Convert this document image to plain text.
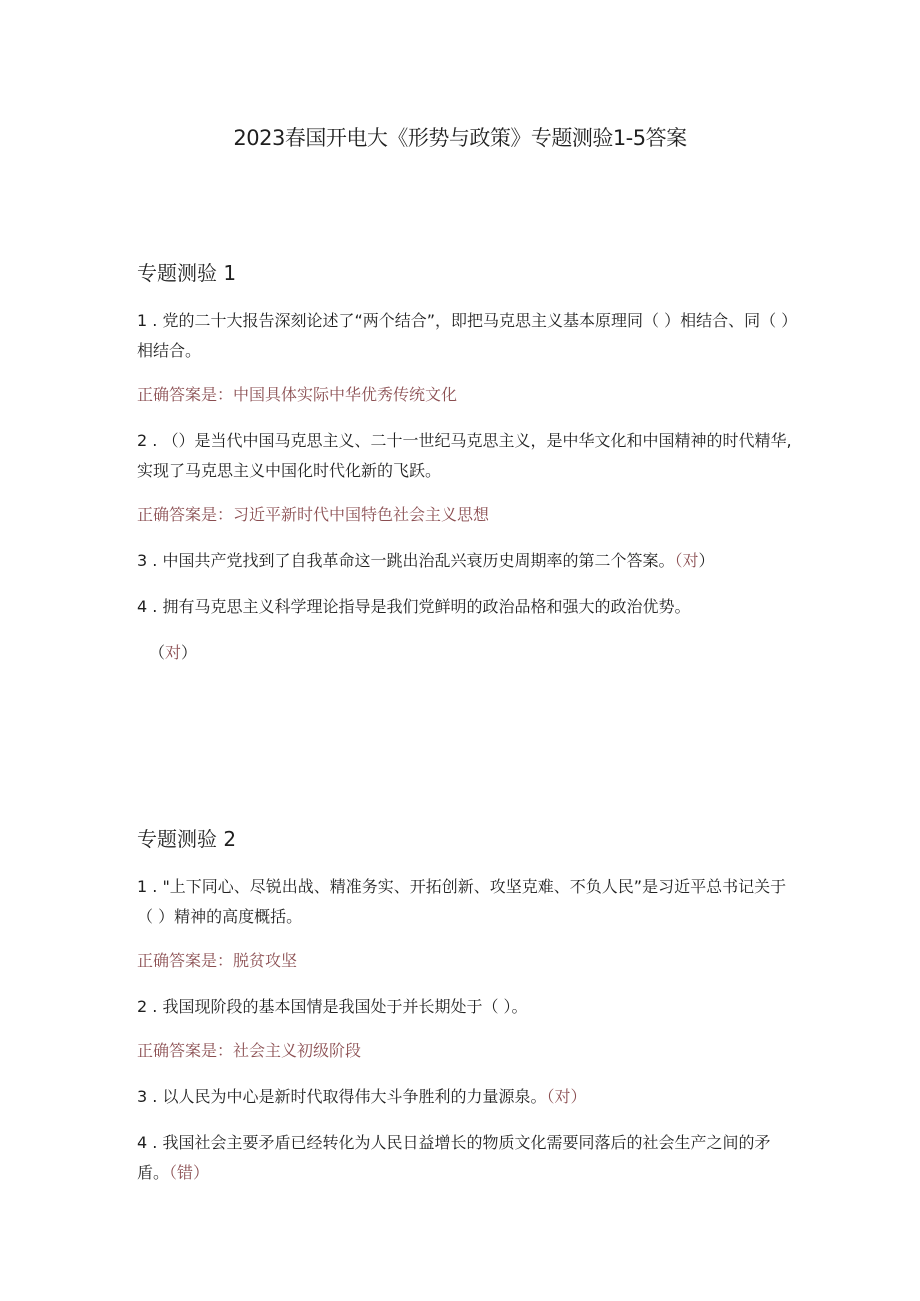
2023春国开电大《形势与政策》专题测验1-5答案
专题测验 1
1 . 党的二十大报告深刻论述了“两个结合”，即把马克思主义基本原理同（ ）相结合、同（ ）相结合。
正确答案是：中国具体实际中华优秀传统文化
2 . （）是当代中国马克思主义、二十一世纪马克思主义，是中华文化和中国精神的时代精华,实现了马克思主义中国化时代化新的飞跃。
正确答案是：习近平新时代中国特色社会主义思想
3 . 中国共产党找到了自我革命这一跳出治乱兴衰历史周期率的第二个答案。（对）
4 . 拥有马克思主义科学理论指导是我们党鲜明的政治品格和强大的政治优势。
（对）
专题测验 2
1 . "上下同心、尽锐出战、精准务实、开拓创新、攻坚克难、不负人民”是习近平总书记关于（ ）精神的高度概括。
正确答案是：脱贫攻坚
2 . 我国现阶段的基本国情是我国处于并长期处于（ ）。
正确答案是：社会主义初级阶段
3 . 以人民为中心是新时代取得伟大斗争胜利的力量源泉。（对）
4 . 我国社会主要矛盾已经转化为人民日益增长的物质文化需要同落后的社会生产之间的矛盾。（错）
